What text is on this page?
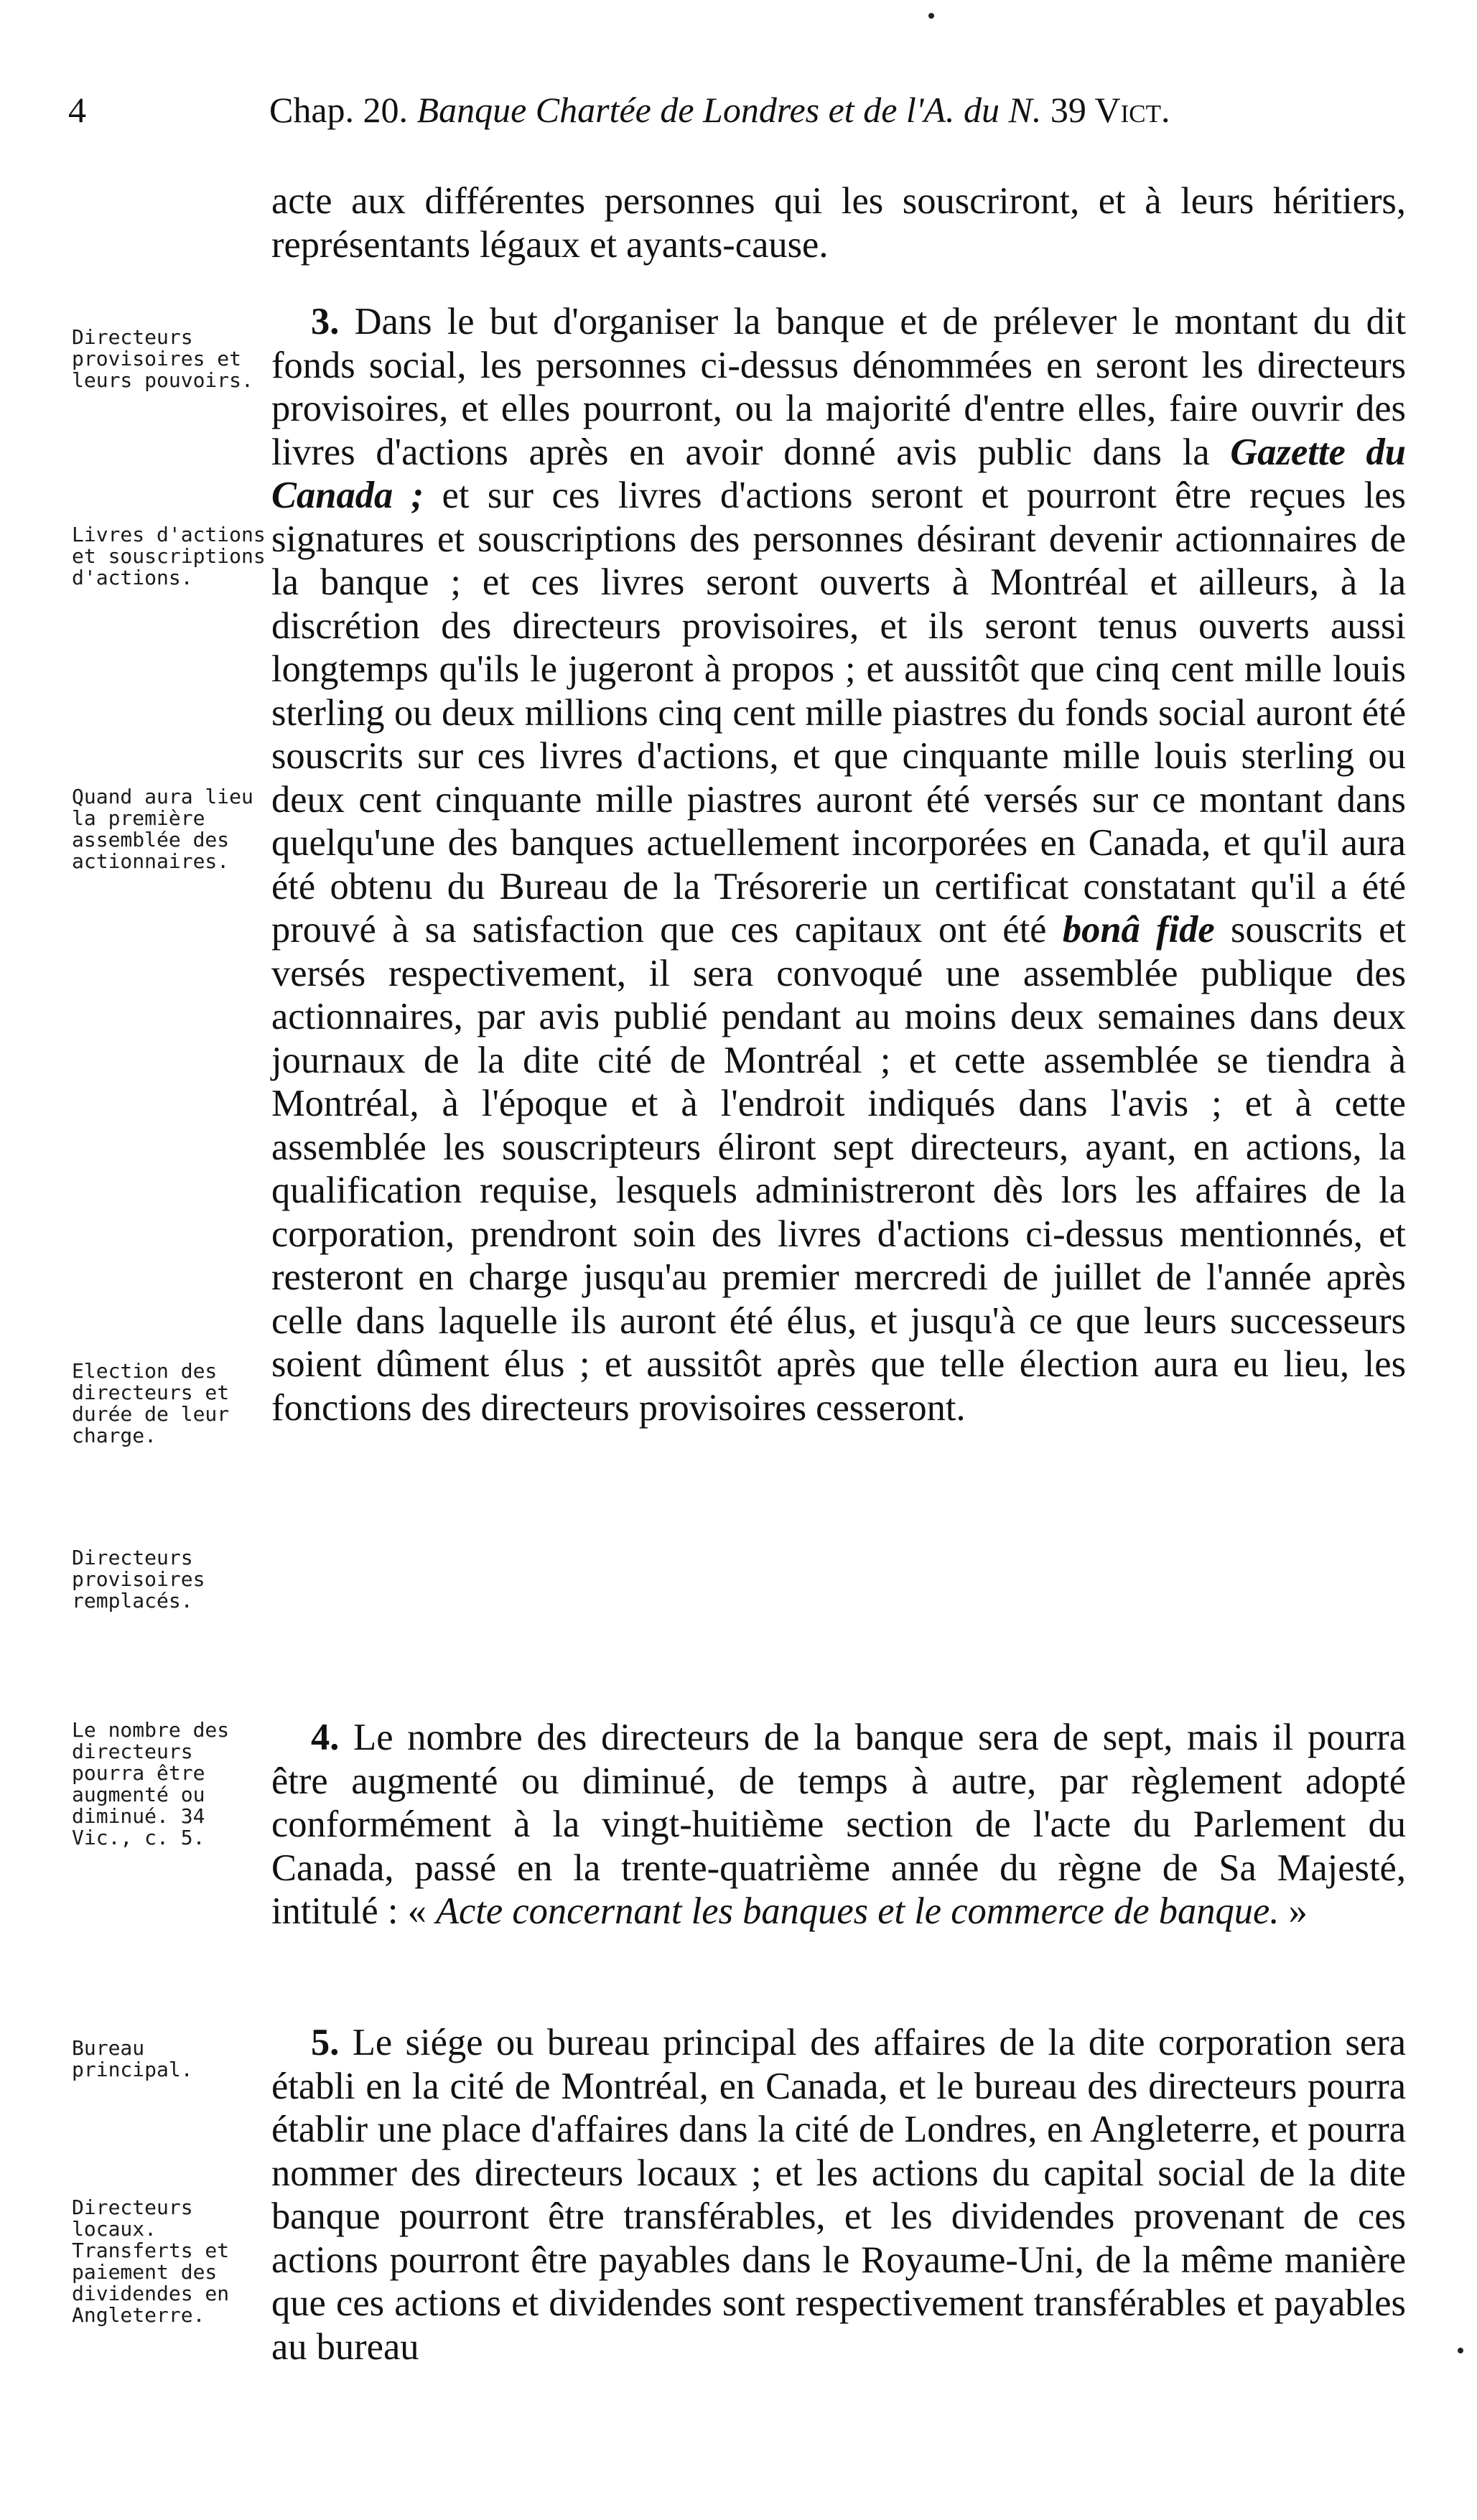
4	Chap. 20. Banque Chartée de Londres et de l'A. du N. 39 Vict.

acte aux différentes personnes qui les souscriront, et à leurs héritiers, représentants légaux et ayants-cause.

3. Dans le but d'organiser la banque et de prélever le montant du dit fonds social, les personnes ci-dessus dénommées en seront les directeurs provisoires, et elles pourront, ou la majorité d'entre elles, faire ouvrir des livres d'actions après en avoir donné avis public dans la Gazette du Canada ; et sur ces livres d'actions seront et pourront être reçues les signatures et souscriptions des personnes désirant devenir actionnaires de la banque ; et ces livres seront ouverts à Montréal et ailleurs, à la discrétion des directeurs provisoires, et ils seront tenus ouverts aussi longtemps qu'ils le jugeront à propos ; et aussitôt que cinq cent mille louis sterling ou deux millions cinq cent mille piastres du fonds social auront été souscrits sur ces livres d'actions, et que cinquante mille louis sterling ou deux cent cinquante mille piastres auront été versés sur ce montant dans quelqu'une des banques actuellement incorporées en Canada, et qu'il aura été obtenu du Bureau de la Trésorerie un certificat constatant qu'il a été prouvé à sa satisfaction que ces capitaux ont été bonâ fide souscrits et versés respectivement, il sera convoqué une assemblée publique des actionnaires, par avis publié pendant au moins deux semaines dans deux journaux de la dite cité de Montréal ; et cette assemblée se tiendra à Montréal, à l'époque et à l'endroit indiqués dans l'avis ; et à cette assemblée les souscripteurs éliront sept directeurs, ayant, en actions, la qualification requise, lesquels administreront dès lors les affaires de la corporation, prendront soin des livres d'actions ci-dessus mentionnés, et resteront en charge jusqu'au premier mercredi de juillet de l'année après celle dans laquelle ils auront été élus, et jusqu'à ce que leurs successeurs soient dûment élus ; et aussitôt après que telle élection aura eu lieu, les fonctions des directeurs provisoires cesseront.

4. Le nombre des directeurs de la banque sera de sept, mais il pourra être augmenté ou diminué, de temps à autre, par règlement adopté conformément à la vingt-huitième section de l'acte du Parlement du Canada, passé en la trente-quatrième année du règne de Sa Majesté, intitulé : « Acte concernant les banques et le commerce de banque. »

5. Le siége ou bureau principal des affaires de la dite corporation sera établi en la cité de Montréal, en Canada, et le bureau des directeurs pourra établir une place d'affaires dans la cité de Londres, en Angleterre, et pourra nommer des directeurs locaux ; et les actions du capital social de la dite banque pourront être transférables, et les dividendes provenant de ces actions pourront être payables dans le Royaume-Uni, de la même manière que ces actions et dividendes sont respectivement transférables et payables au bureau

Directeurs provisoires et leurs pouvoirs.
Livres d'actions et souscriptions d'actions.
Quand aura lieu la première assemblée des actionnaires.
Election des directeurs et durée de leur charge.
Directeurs provisoires remplacés.
Le nombre des directeurs pourra être augmenté ou diminué. 34 Vic., c. 5.
Bureau principal.
Directeurs locaux. Transferts et paiement des dividendes en Angleterre.
